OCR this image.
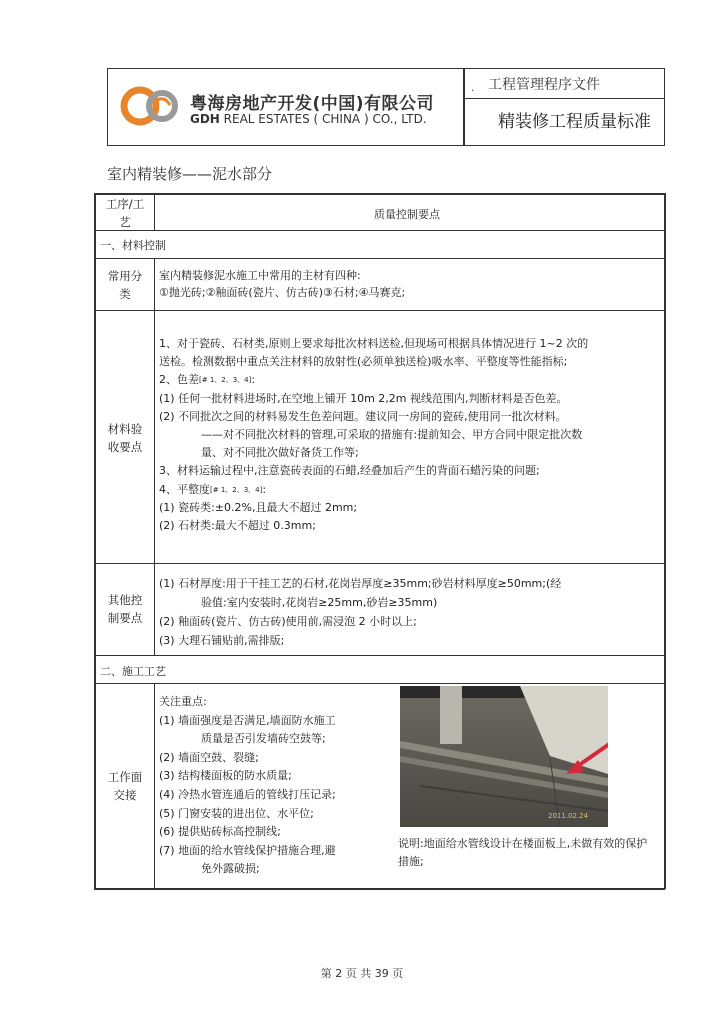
粤海房地产开发(中国)有限公司
GDH REAL ESTATES ( CHINA ) CO., LTD.
. 工程管理程序文件
精装修工程质量标准
室内精装修——泥水部分
工序/工
艺
质量控制要点
一、材料控制
常用分
类
室内精装修泥水施工中常用的主材有四种:
①抛光砖;②釉面砖(瓷片、仿古砖)③石材;④马赛克;
材料验
收要点
1、对于瓷砖、石材类,原则上要求每批次材料送检,但现场可根据具体情况进行 1~2 次的
送检。检测数据中重点关注材料的放射性(必须单独送检)吸水率、平整度等性能指标;
2、色差[# 1、2、3、4]:
(1) 任何一批材料进场时,在空地上铺开 10m 2,2m 视线范围内,判断材料是否色差。
(2) 不同批次之间的材料易发生色差问题。建议同一房间的瓷砖,使用同一批次材料。
——对不同批次材料的管理,可采取的措施有:提前知会、甲方合同中限定批次数
量、对不同批次做好备货工作等;
3、材料运输过程中,注意瓷砖表面的石蜡,经叠加后产生的背面石蜡污染的问题;
4、平整度[# 1、2、3、4]:
(1) 瓷砖类:±0.2%,且最大不超过 2mm;
(2) 石材类:最大不超过 0.3mm;
其他控
制要点
(1) 石材厚度:用于干挂工艺的石材,花岗岩厚度≥35mm;砂岩材料厚度≥50mm;(经
验值:室内安装时,花岗岩≥25mm,砂岩≥35mm)
(2) 釉面砖(瓷片、仿古砖)使用前,需浸泡 2 小时以上;
(3) 大理石铺贴前,需排版;
二、施工工艺
工作面
交接
关注重点:
(1) 墙面强度是否满足,墙面防水施工
质量是否引发墙砖空鼓等;
(2) 墙面空鼓、裂缝;
(3) 结构楼面板的防水质量;
(4) 冷热水管连通后的管线打压记录;
(5) 门窗安装的进出位、水平位;
(6) 提供贴砖标高控制线;
(7) 地面的给水管线保护措施合理,避
免外露破损;
2011.02.24
说明:地面给水管线设计在楼面板上,未做有效的保护措施;
第 2 页 共 39 页
